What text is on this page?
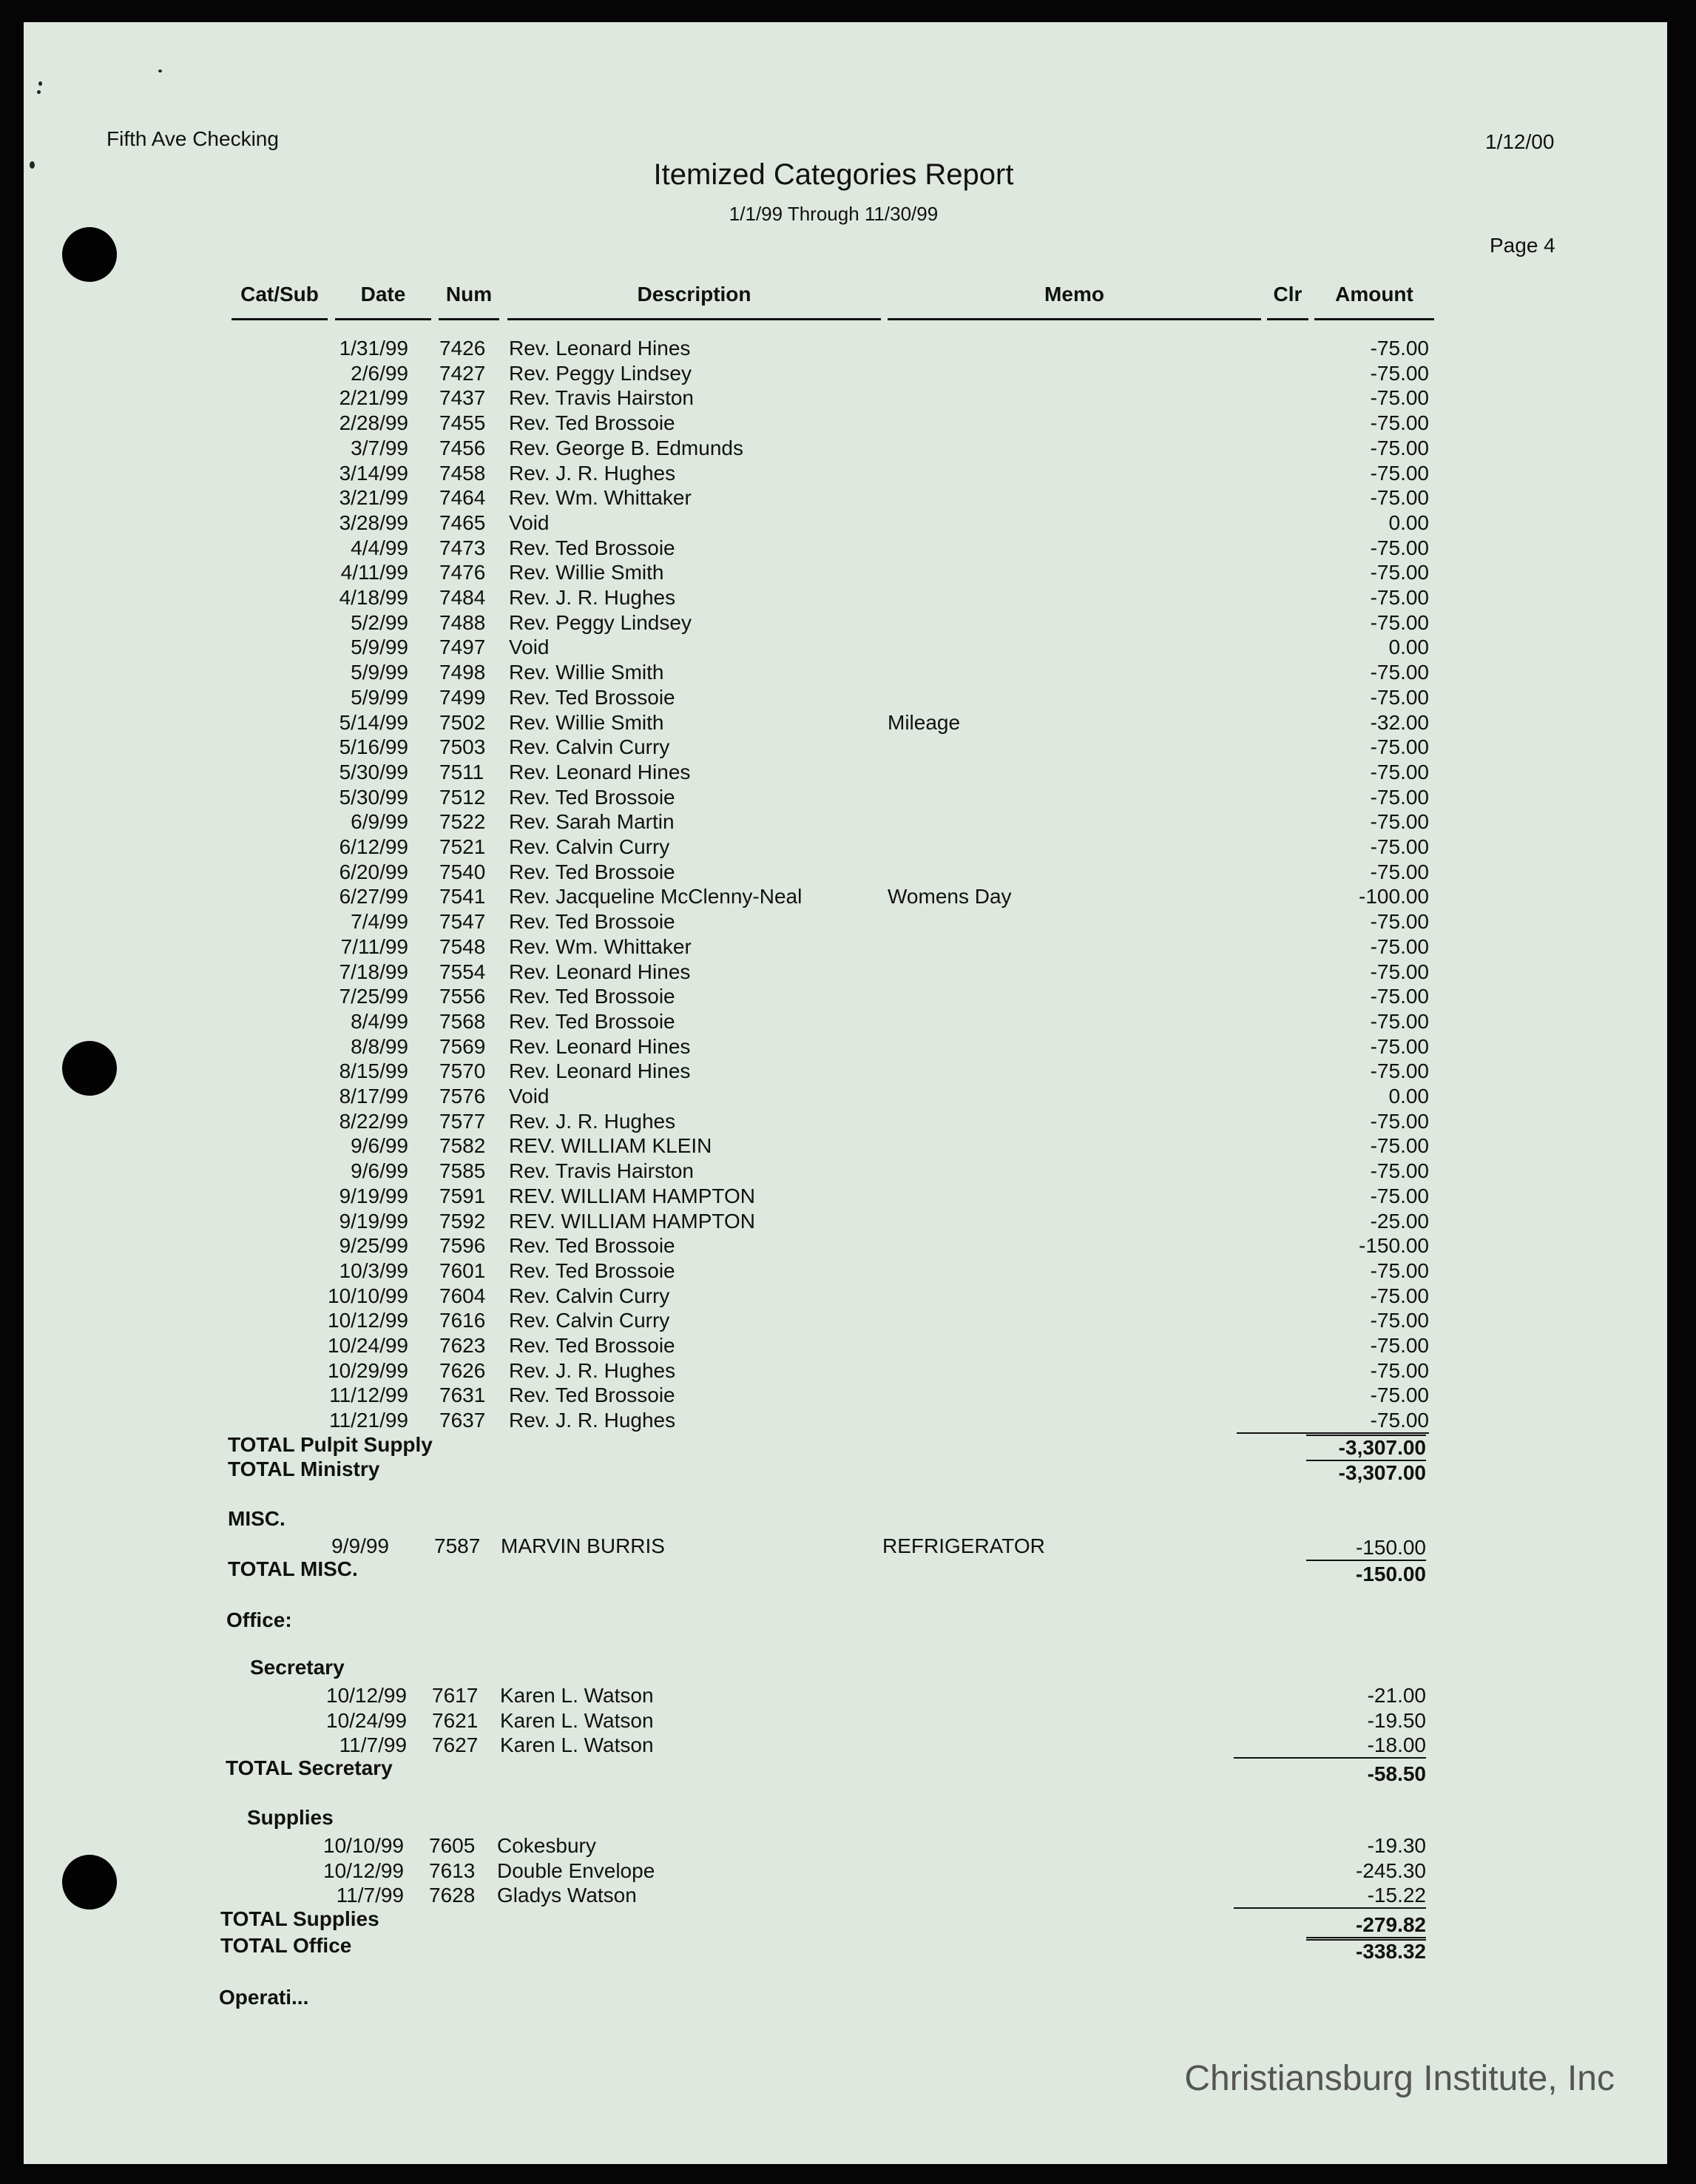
Fifth Ave Checking	1/12/00
Itemized Categories Report
1/1/99 Through 11/30/99
Page 4
Cat/Sub	Date	Num	Description	Memo	Clr	Amount
1/31/99 7426	Rev. Leonard Hines	-75.00
2/6/99 7427	Rev. Peggy Lindsey	-75.00
2/21/99 7437	Rev. Travis Hairston	-75.00
2/28/99 7455	Rev. Ted Brossoie	-75.00
3/7/99 7456	Rev. George B. Edmunds	-75.00
3/14/99 7458	Rev. J. R. Hughes	-75.00
3/21/99 7464	Rev. Wm. Whittaker	-75.00
3/28/99 7465	Void	0.00
4/4/99 7473	Rev. Ted Brossoie	-75.00
4/11/99 7476	Rev. Willie Smith	-75.00
4/18/99 7484	Rev. J. R. Hughes	-75.00
5/2/99 7488	Rev. Peggy Lindsey	-75.00
5/9/99 7497	Void	0.00
5/9/99 7498	Rev. Willie Smith	-75.00
5/9/99 7499	Rev. Ted Brossoie	-75.00
5/14/99 7502	Rev. Willie Smith	Mileage	-32.00
5/16/99 7503	Rev. Calvin Curry	-75.00
5/30/99 7511	Rev. Leonard Hines	-75.00
5/30/99 7512	Rev. Ted Brossoie	-75.00
6/9/99 7522	Rev. Sarah Martin	-75.00
6/12/99 7521	Rev. Calvin Curry	-75.00
6/20/99 7540	Rev. Ted Brossoie	-75.00
6/27/99 7541	Rev. Jacqueline McClenny-Neal	Womens Day	-100.00
7/4/99 7547	Rev. Ted Brossoie	-75.00
7/11/99 7548	Rev. Wm. Whittaker	-75.00
7/18/99 7554	Rev. Leonard Hines	-75.00
7/25/99 7556	Rev. Ted Brossoie	-75.00
8/4/99 7568	Rev. Ted Brossoie	-75.00
8/8/99 7569	Rev. Leonard Hines	-75.00
8/15/99 7570	Rev. Leonard Hines	-75.00
8/17/99 7576	Void	0.00
8/22/99 7577	Rev. J. R. Hughes	-75.00
9/6/99 7582	REV. WILLIAM KLEIN	-75.00
9/6/99 7585	Rev. Travis Hairston	-75.00
9/19/99 7591	REV. WILLIAM HAMPTON	-75.00
9/19/99 7592	REV. WILLIAM HAMPTON	-25.00
9/25/99 7596	Rev. Ted Brossoie	-150.00
10/3/99 7601	Rev. Ted Brossoie	-75.00
10/10/99 7604	Rev. Calvin Curry	-75.00
10/12/99 7616	Rev. Calvin Curry	-75.00
10/24/99 7623	Rev. Ted Brossoie	-75.00
10/29/99 7626	Rev. J. R. Hughes	-75.00
11/12/99 7631	Rev. Ted Brossoie	-75.00
11/21/99 7637	Rev. J. R. Hughes	-75.00
TOTAL Pulpit Supply	-3,307.00
TOTAL Ministry	-3,307.00
MISC.
9/9/99 7587 MARVIN BURRIS	REFRIGERATOR	-150.00
TOTAL MISC.	-150.00
Office:
Secretary
10/12/99 7617	Karen L. Watson	-21.00
10/24/99 7621	Karen L. Watson	-19.50
11/7/99 7627	Karen L. Watson	-18.00
TOTAL Secretary	-58.50
Supplies
10/10/99 7605	Cokesbury	-19.30
10/12/99 7613	Double Envelope	-245.30
11/7/99 7628	Gladys Watson	-15.22
TOTAL Supplies	-279.82
TOTAL Office	-338.32
Operati...
Christiansburg Institute, Inc
